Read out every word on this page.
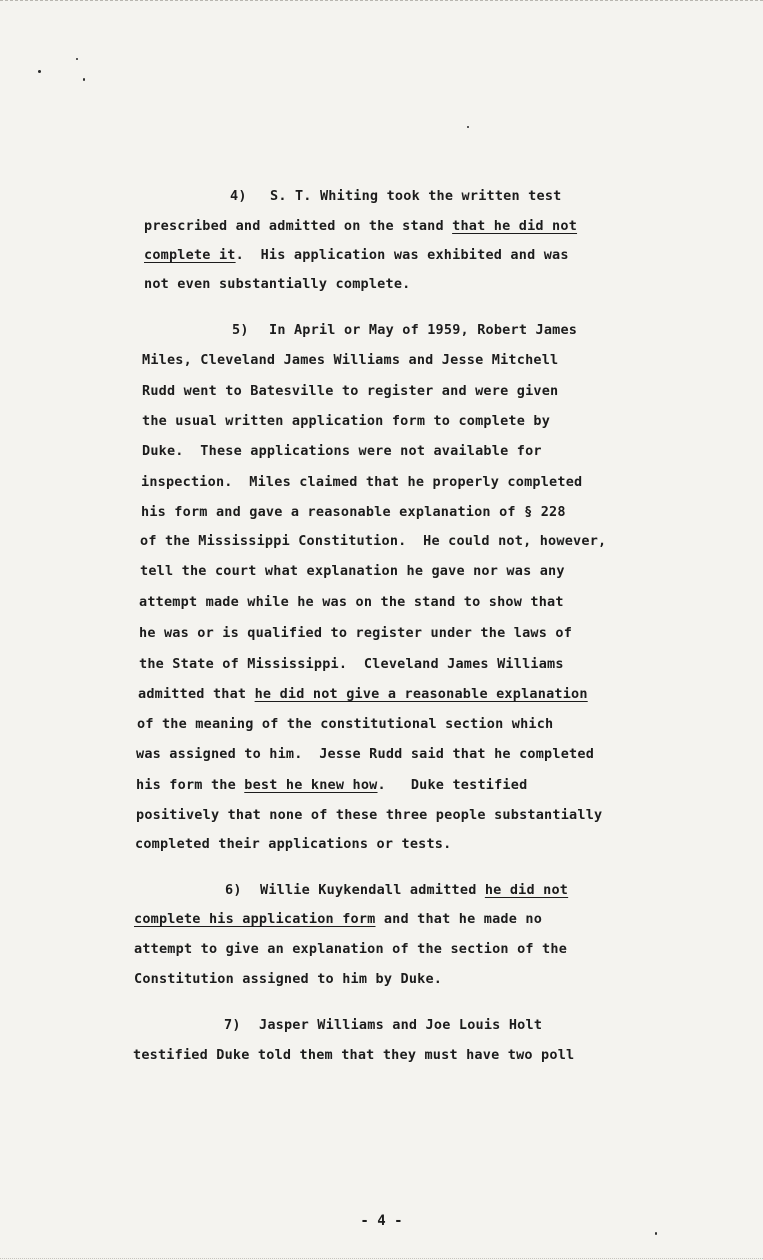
4) S. T. Whiting took the written test
prescribed and admitted on the stand that he did not
complete it.  His application was exhibited and was
not even substantially complete.
5) In April or May of 1959, Robert James
Miles, Cleveland James Williams and Jesse Mitchell
Rudd went to Batesville to register and were given
the usual written application form to complete by
Duke.  These applications were not available for
inspection.  Miles claimed that he properly completed
his form and gave a reasonable explanation of § 228
of the Mississippi Constitution.  He could not, however,
tell the court what explanation he gave nor was any
attempt made while he was on the stand to show that
he was or is qualified to register under the laws of
the State of Mississippi.  Cleveland James Williams
admitted that he did not give a reasonable explanation
of the meaning of the constitutional section which
was assigned to him.  Jesse Rudd said that he completed
his form the best he knew how.   Duke testified
positively that none of these three people substantially
completed their applications or tests.
6) Willie Kuykendall admitted he did not
complete his application form and that he made no
attempt to give an explanation of the section of the
Constitution assigned to him by Duke.
7) Jasper Williams and Joe Louis Holt
testified Duke told them that they must have two poll
- 4 -
